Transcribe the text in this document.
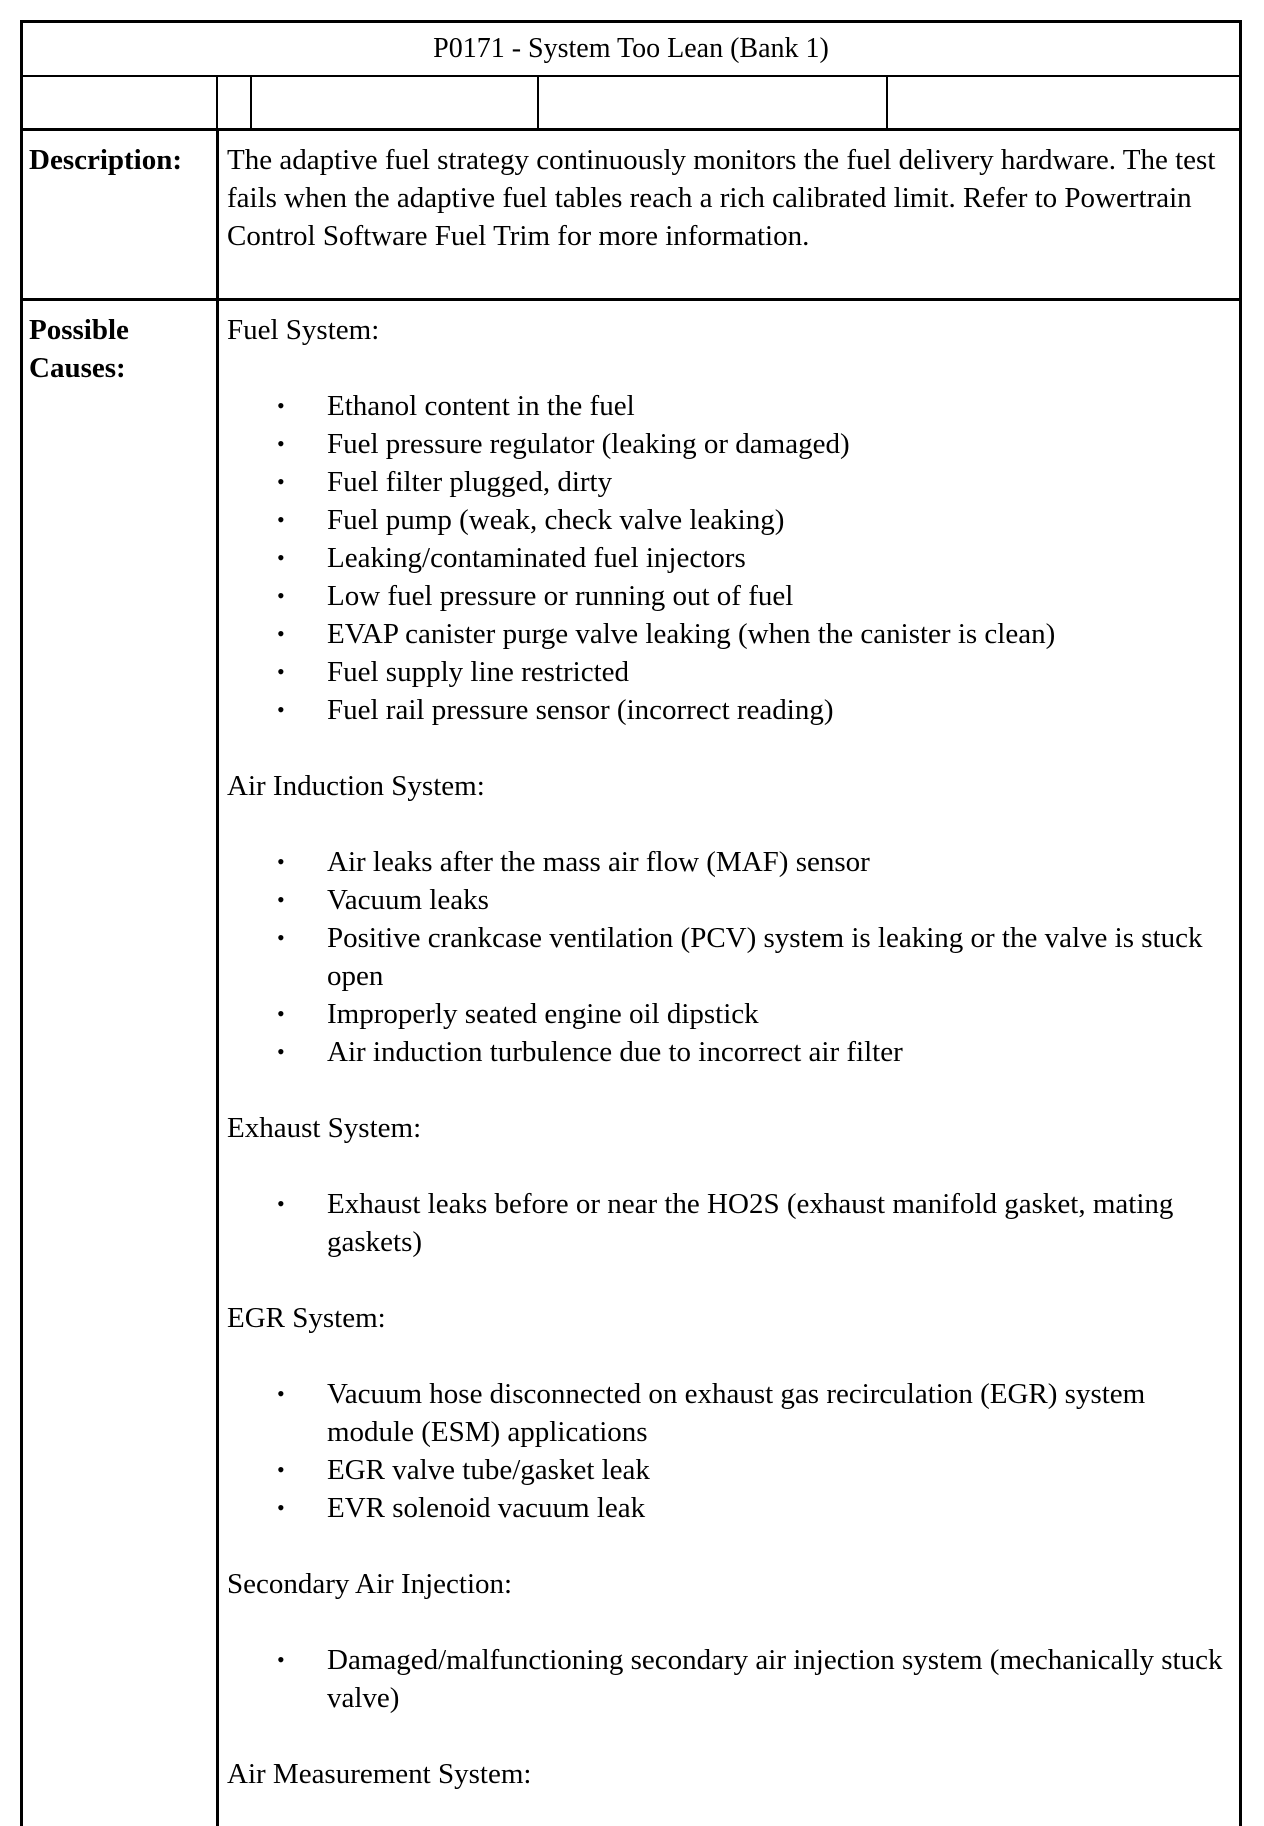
P0171 - System Too Lean (Bank 1)
Description:	The adaptive fuel strategy continuously monitors the fuel delivery hardware. The test fails when the adaptive fuel tables reach a rich calibrated limit. Refer to Powertrain Control Software Fuel Trim for more information.
Possible Causes:
Fuel System:
• Ethanol content in the fuel
• Fuel pressure regulator (leaking or damaged)
• Fuel filter plugged, dirty
• Fuel pump (weak, check valve leaking)
• Leaking/contaminated fuel injectors
• Low fuel pressure or running out of fuel
• EVAP canister purge valve leaking (when the canister is clean)
• Fuel supply line restricted
• Fuel rail pressure sensor (incorrect reading)
Air Induction System:
• Air leaks after the mass air flow (MAF) sensor
• Vacuum leaks
• Positive crankcase ventilation (PCV) system is leaking or the valve is stuck open
• Improperly seated engine oil dipstick
• Air induction turbulence due to incorrect air filter
Exhaust System:
• Exhaust leaks before or near the HO2S (exhaust manifold gasket, mating gaskets)
EGR System:
• Vacuum hose disconnected on exhaust gas recirculation (EGR) system module (ESM) applications
• EGR valve tube/gasket leak
• EVR solenoid vacuum leak
Secondary Air Injection:
• Damaged/malfunctioning secondary air injection system (mechanically stuck valve)
Air Measurement System:
